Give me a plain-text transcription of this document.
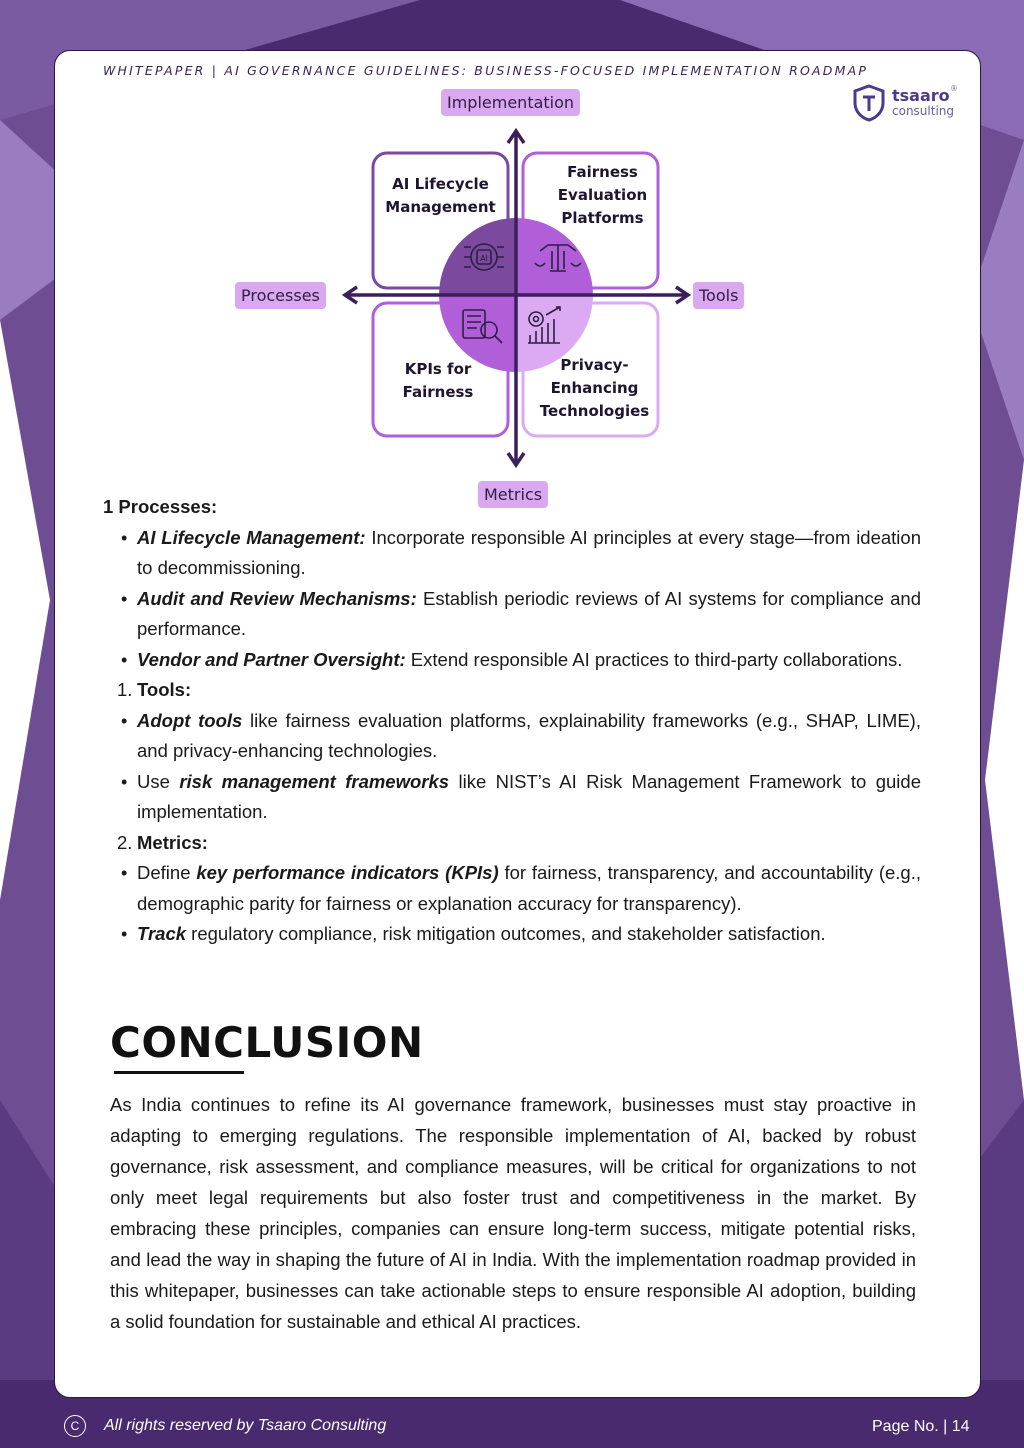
WHITEPAPER | AI GOVERNANCE GUIDELINES: BUSINESS-FOCUSED IMPLEMENTATION ROADMAP
tsaaro ®
consulting
AI
Implementation
Metrics
Processes	Tools
AI Lifecycle
Management
Fairness
Evaluation
Platforms
KPIs for
Fairness
Privacy-
Enhancing
Technologies
1 Processes:
• AI Lifecycle Management: Incorporate responsible AI principles at every stage—from ideation to decommissioning.
• Audit and Review Mechanisms: Establish periodic reviews of AI systems for compliance and performance.
• Vendor and Partner Oversight: Extend responsible AI practices to third-party collaborations.
1. Tools:
• Adopt tools like fairness evaluation platforms, explainability frameworks (e.g., SHAP, LIME), and privacy-enhancing technologies.
• Use risk management frameworks like NIST’s AI Risk Management Framework to guide implementation.
2. Metrics:
• Define key performance indicators (KPIs) for fairness, transparency, and accountability (e.g., demographic parity for fairness or explanation accuracy for transparency).
• Track regulatory compliance, risk mitigation outcomes, and stakeholder satisfaction.
CONCLUSION
As India continues to refine its AI governance framework, businesses must stay proactive in adapting to emerging regulations. The responsible implementation of AI, backed by robust governance, risk assessment, and compliance measures, will be critical for organizations to not only meet legal requirements but also foster trust and competitiveness in the market. By embracing these principles, companies can ensure long-term success, mitigate potential risks, and lead the way in shaping the future of AI in India. With the implementation roadmap provided in this whitepaper, businesses can take actionable steps to ensure responsible AI adoption, building a solid foundation for sustainable and ethical AI practices.
C	All rights reserved by Tsaaro Consulting	Page No. | 14
